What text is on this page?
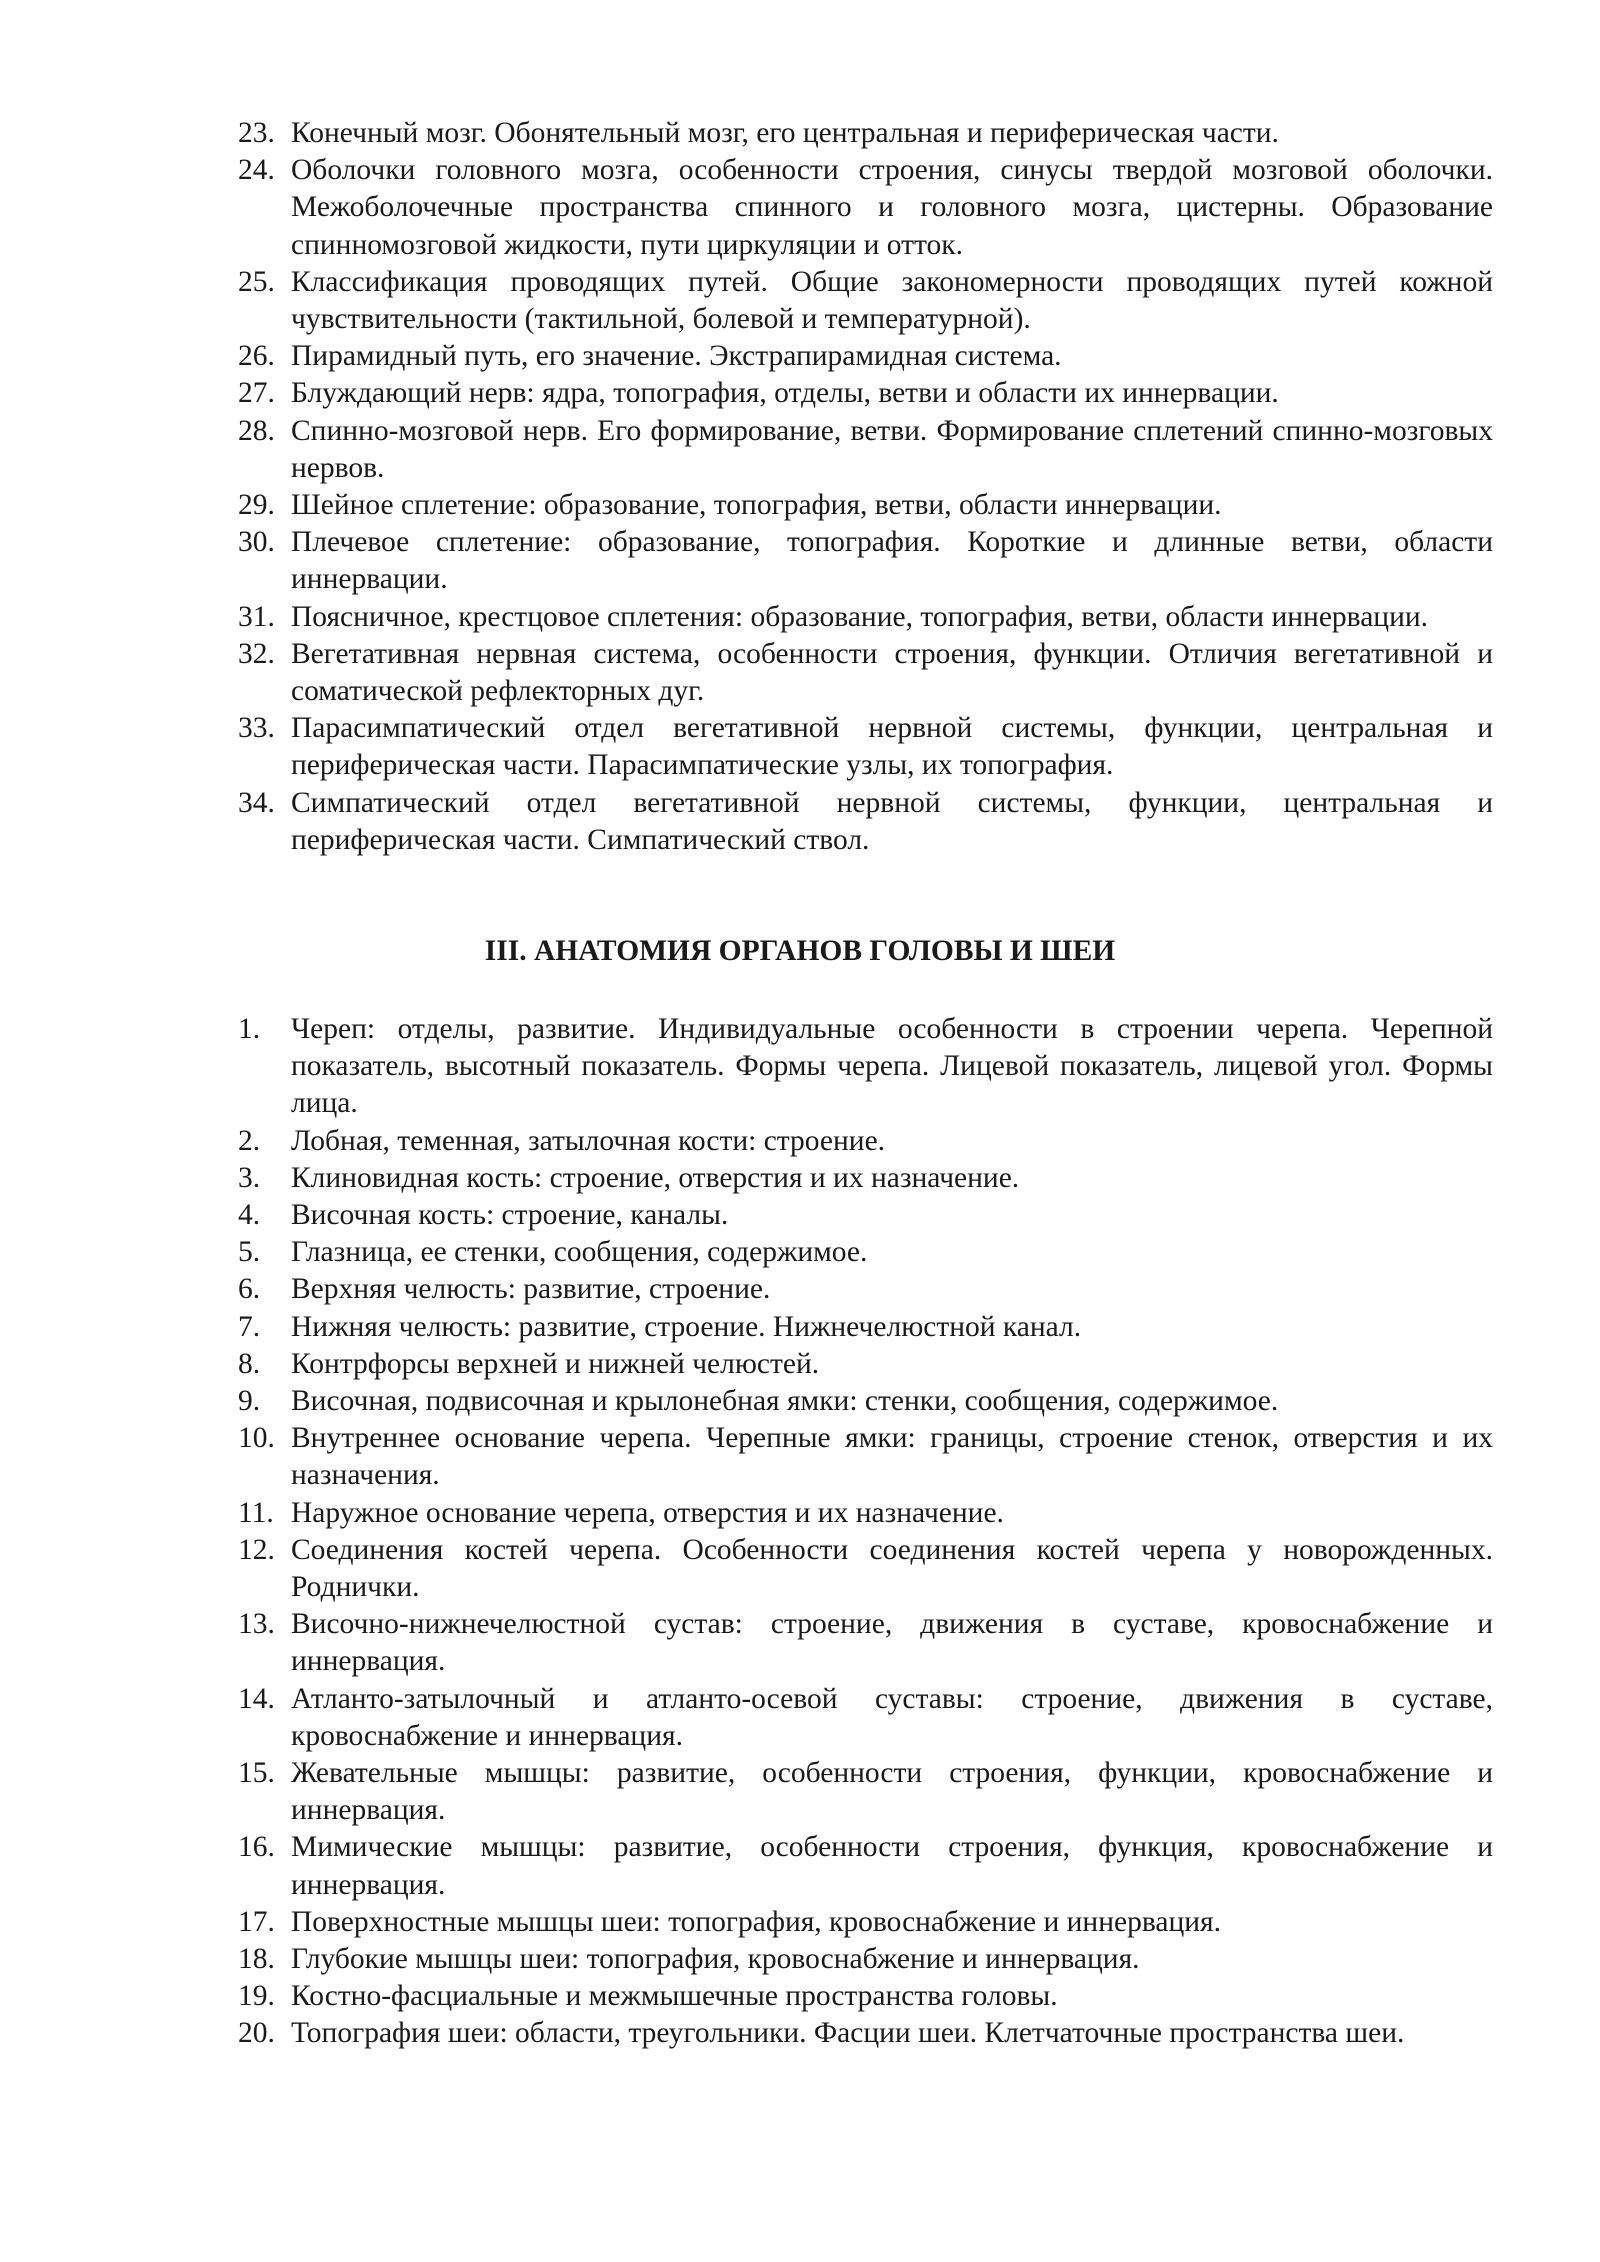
23. Конечный мозг. Обонятельный мозг, его центральная и периферическая части.
24. Оболочки головного мозга, особенности строения, синусы твердой мозговой оболочки. Межоболочечные пространства спинного и головного мозга, цистерны. Образование спинномозговой жидкости, пути циркуляции и отток.
25. Классификация проводящих путей. Общие закономерности проводящих путей кожной чувствительности (тактильной, болевой и температурной).
26. Пирамидный путь, его значение. Экстрапирамидная система.
27. Блуждающий нерв: ядра, топография, отделы, ветви и области их иннервации.
28. Спинно-мозговой нерв. Его формирование, ветви. Формирование сплетений спинно-мозговых нервов.
29. Шейное сплетение: образование, топография, ветви, области иннервации.
30. Плечевое сплетение: образование, топография. Короткие и длинные ветви, области иннервации.
31. Поясничное, крестцовое сплетения: образование, топография, ветви, области иннервации.
32. Вегетативная нервная система, особенности строения, функции. Отличия вегетативной и соматической рефлекторных дуг.
33. Парасимпатический отдел вегетативной нервной системы, функции, центральная и периферическая части. Парасимпатические узлы, их топография.
34. Симпатический отдел вегетативной нервной системы, функции, центральная и периферическая части. Симпатический ствол.
III. АНАТОМИЯ ОРГАНОВ ГОЛОВЫ И ШЕИ
1.	Череп: отделы, развитие. Индивидуальные особенности в строении черепа. Черепной показатель, высотный показатель. Формы черепа. Лицевой показатель, лицевой угол. Формы лица.
2.	Лобная, теменная, затылочная кости: строение.
3.	Клиновидная кость: строение, отверстия и их назначение.
4.	Височная кость: строение, каналы.
5.	Глазница, ее стенки, сообщения, содержимое.
6.	Верхняя челюсть: развитие, строение.
7.	Нижняя челюсть: развитие, строение. Нижнечелюстной канал.
8.	Контрфорсы верхней и нижней челюстей.
9.	Височная, подвисочная и крылонебная ямки: стенки, сообщения, содержимое.
10. Внутреннее основание черепа. Черепные ямки: границы, строение стенок, отверстия и их назначения.
11. Наружное основание черепа, отверстия и их назначение.
12. Соединения костей черепа. Особенности соединения костей черепа у новорожденных. Роднички.
13. Височно-нижнечелюстной сустав: строение, движения в суставе, кровоснабжение и иннервация.
14. Атланто-затылочный и атланто-осевой суставы: строение, движения в суставе, кровоснабжение и иннервация.
15. Жевательные мышцы: развитие, особенности строения, функции, кровоснабжение и иннервация.
16. Мимические мышцы: развитие, особенности строения, функция, кровоснабжение и иннервация.
17. Поверхностные мышцы шеи: топография, кровоснабжение и иннервация.
18. Глубокие мышцы шеи: топография, кровоснабжение и иннервация.
19. Костно-фасциальные и межмышечные пространства головы.
20. Топография шеи: области, треугольники. Фасции шеи. Клетчаточные пространства шеи.
